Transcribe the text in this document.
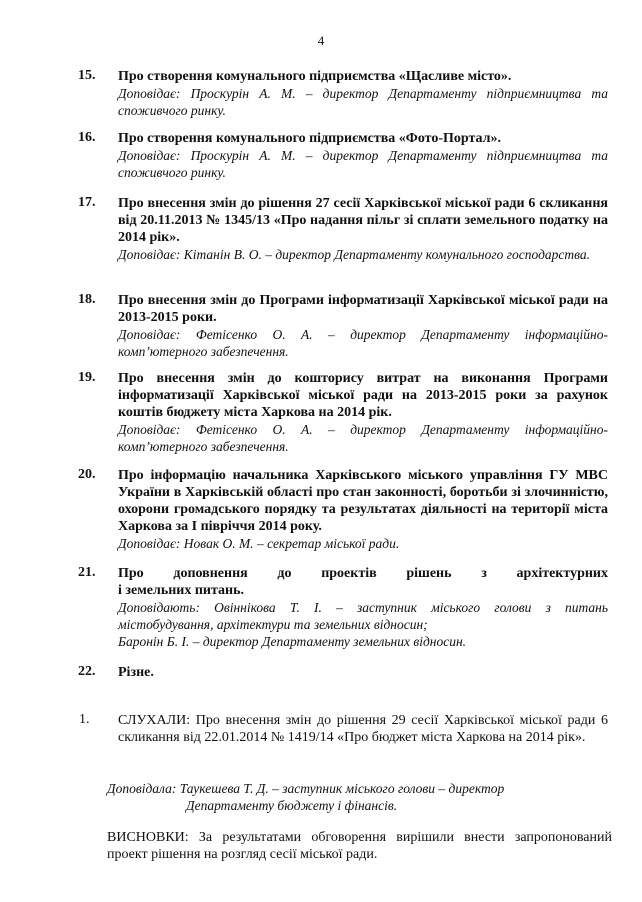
4
15. Про створення комунального підприємства «Щасливе місто».
Доповідає: Проскурін А. М. – директор Департаменту підприємництва та споживчого ринку.
16. Про створення комунального підприємства «Фото-Портал».
Доповідає: Проскурін А. М. – директор Департаменту підприємництва та споживчого ринку.
17. Про внесення змін до рішення 27 сесії Харківської міської ради 6 скликання від 20.11.2013 № 1345/13 «Про надання пільг зі сплати земельного податку на 2014 рік».
Доповідає: Кітанін В. О. – директор Департаменту комунального господарства.
18. Про внесення змін до Програми інформатизації Харківської міської ради на 2013-2015 роки.
Доповідає: Фетісенко О. А. – директор Департаменту інформаційно-комп’ютерного забезпечення.
19. Про внесення змін до кошторису витрат на виконання Програми інформатизації Харківської міської ради на 2013-2015 роки за рахунок коштів бюджету міста Харкова на 2014 рік.
Доповідає: Фетісенко О. А. – директор Департаменту інформаційно-комп’ютерного забезпечення.
20. Про інформацію начальника Харківського міського управління ГУ МВС України в Харківській області про стан законності, боротьби зі злочинністю, охорони громадського порядку та результатах діяльності на території міста Харкова за І півріччя 2014 року.
Доповідає: Новак О. М. – секретар міської ради.
21. Про доповнення до проектів рішень з архітектурних
і земельних питань.
Доповідають: Овіннікова Т. І. – заступник міського голови з питань містобудування, архітектури та земельних відносин;
Баронін Б. І. – директор Департаменту земельних відносин.
22. Різне.
1. СЛУХАЛИ: Про внесення змін до рішення 29 сесії Харківської міської ради 6 скликання від 22.01.2014 № 1419/14 «Про бюджет міста Харкова на 2014 рік».
Доповідала: Таукешева Т. Д. – заступник міського голови – директор
Департаменту бюджету і фінансів.
ВИСНОВКИ: За результатами обговорення вирішили внести запропонований проект рішення на розгляд сесії міської ради.
